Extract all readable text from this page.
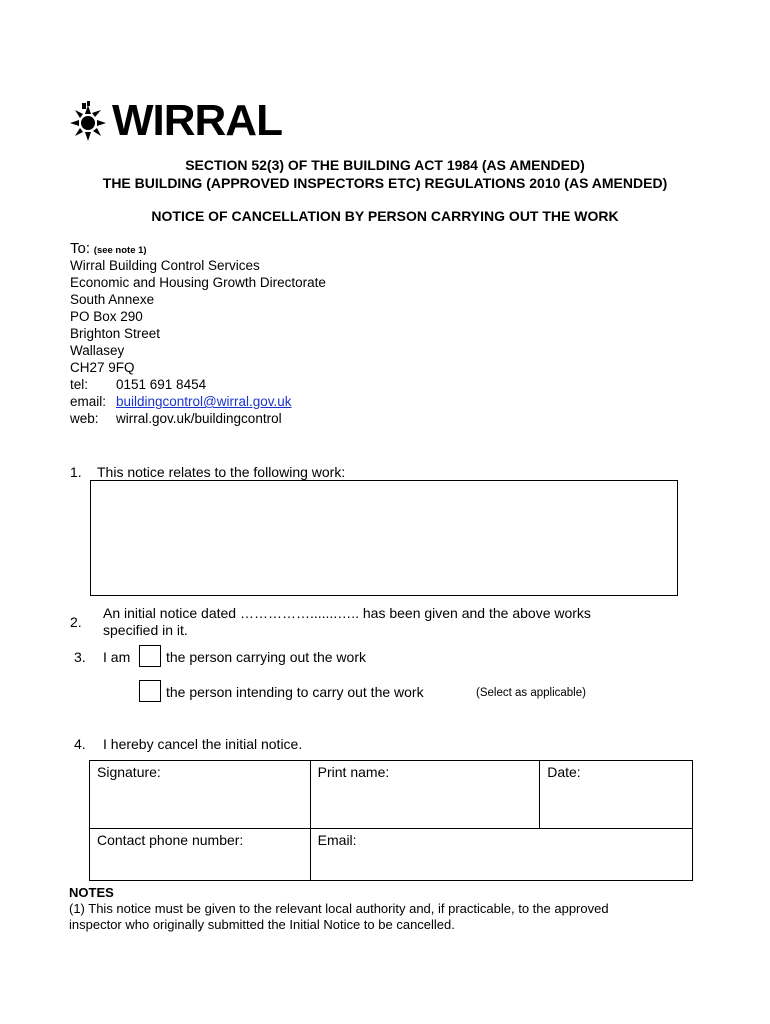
WIRRAL
SECTION 52(3) OF THE BUILDING ACT 1984 (AS AMENDED)
THE BUILDING (APPROVED INSPECTORS ETC) REGULATIONS 2010 (AS AMENDED)
NOTICE OF CANCELLATION BY PERSON CARRYING OUT THE WORK
To: (see note 1)
Wirral Building Control Services
Economic and Housing Growth Directorate
South Annexe
PO Box 290
Brighton Street
Wallasey
CH27 9FQ
tel: 0151 691 8454
email: buildingcontrol@wirral.gov.uk
web: wirral.gov.uk/buildingcontrol
1. This notice relates to the following work:
2.
An initial notice dated …………….......….. has been given and the above works
specified in it.
3. I am	the person carrying out the work
the person intending to carry out the work	(Select as applicable)
4. I hereby cancel the initial notice.
Signature:	Print name:	Date:
Contact phone number:	Email:	
NOTES
(1) This notice must be given to the relevant local authority and, if practicable, to the approved
inspector who originally submitted the Initial Notice to be cancelled.
